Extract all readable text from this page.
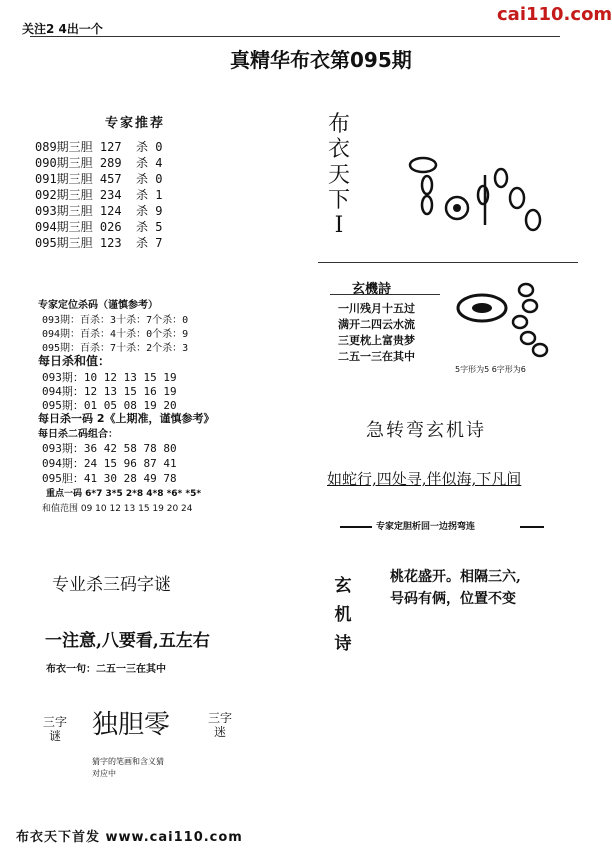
关注2 4出一个
cai110.com
真精华布衣第095期
专家推荐
089期三胆 127  杀 0
090期三胆 289  杀 4
091期三胆 457  杀 0
092期三胆 234  杀 1
093期三胆 124  杀 9
094期三胆 026  杀 5
095期三胆 123  杀 7
专家定位杀码（谨慎参考）
093期：百杀：3十杀：7个杀：0
094期：百杀：4十杀：0个杀：9
095期：百杀：7十杀：2个杀：3
每日杀和值：
093期：10 12 13 15 19
094期：12 13 15 16 19
095期：01 05 08 19 20
每日杀一码 2《上期准，谨慎参考》
每日杀二码组合：
093期：36 42 58 78 80
094期：24 15 96 87 41
095胆：41 30 28 49 78
重点一码 6*7 3*5 2*8 4*8 *6* *5*
和值范围 09 10 12 13 15 19 20 24
专业杀三码字谜
一注意,八要看,五左右
布衣一句：二五一三在其中
三字谜	独胆零
猜字的笔画和含义猜
对应中
三字迷
布衣天下I
玄機詩
一川残月十五过
满开二四云水流
三更枕上富贵梦
二五一三在其中
5字形为5 6字形为6
急转弯玄机诗
如蛇行,四处寻,伴似海,下凡间
专家定胆析回一边拐弯连
玄机诗
桃花盛开。相隔三六,
号码有俩，位置不变
布衣天下首发 www.cai110.com
